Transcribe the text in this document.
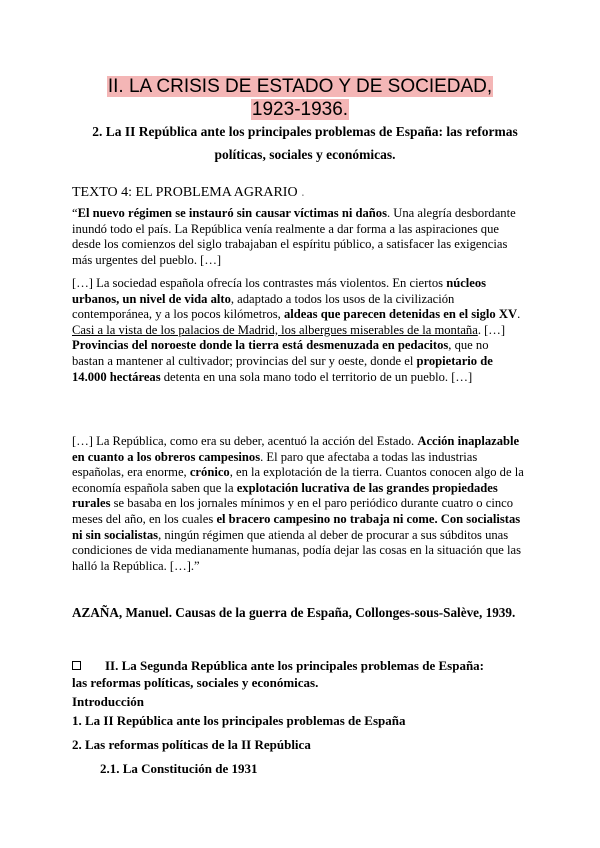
II. LA CRISIS DE ESTADO Y DE SOCIEDAD,
1923-1936.
2. La II República ante los principales problemas de España: las reformas políticas, sociales y económicas.
TEXTO 4: EL PROBLEMA AGRARIO .
“El nuevo régimen se instauró sin causar víctimas ni daños. Una alegría desbordante inundó todo el país. La República venía realmente a dar forma a las aspiraciones que desde los comienzos del siglo trabajaban el espíritu público, a satisfacer las exigencias más urgentes del pueblo. […]
[…] La sociedad española ofrecía los contrastes más violentos. En ciertos núcleos urbanos, un nivel de vida alto, adaptado a todos los usos de la civilización contemporánea, y a los pocos kilómetros, aldeas que parecen detenidas en el siglo XV. Casi a la vista de los palacios de Madrid, los albergues miserables de la montaña. […] Provincias del noroeste donde la tierra está desmenuzada en pedacitos, que no bastan a mantener al cultivador; provincias del sur y oeste, donde el propietario de 14.000 hectáreas detenta en una sola mano todo el territorio de un pueblo. […]
[…] La República, como era su deber, acentuó la acción del Estado. Acción inaplazable en cuanto a los obreros campesinos. El paro que afectaba a todas las industrias españolas, era enorme, crónico, en la explotación de la tierra. Cuantos conocen algo de la economía española saben que la explotación lucrativa de las grandes propiedades rurales se basaba en los jornales mínimos y en el paro periódico durante cuatro o cinco meses del año, en los cuales el bracero campesino no trabaja ni come. Con socialistas ni sin socialistas, ningún régimen que atienda al deber de procurar a sus súbditos unas condiciones de vida medianamente humanas, podía dejar las cosas en la situación que las halló la República. […].”
AZAÑA, Manuel. Causas de la guerra de España, Collonges-sous-Salève, 1939.
II. La Segunda República ante los principales problemas de España:
las reformas políticas, sociales y económicas.
Introducción
1. La II República ante los principales problemas de España
2. Las reformas políticas de la II República
2.1. La Constitución de 1931
